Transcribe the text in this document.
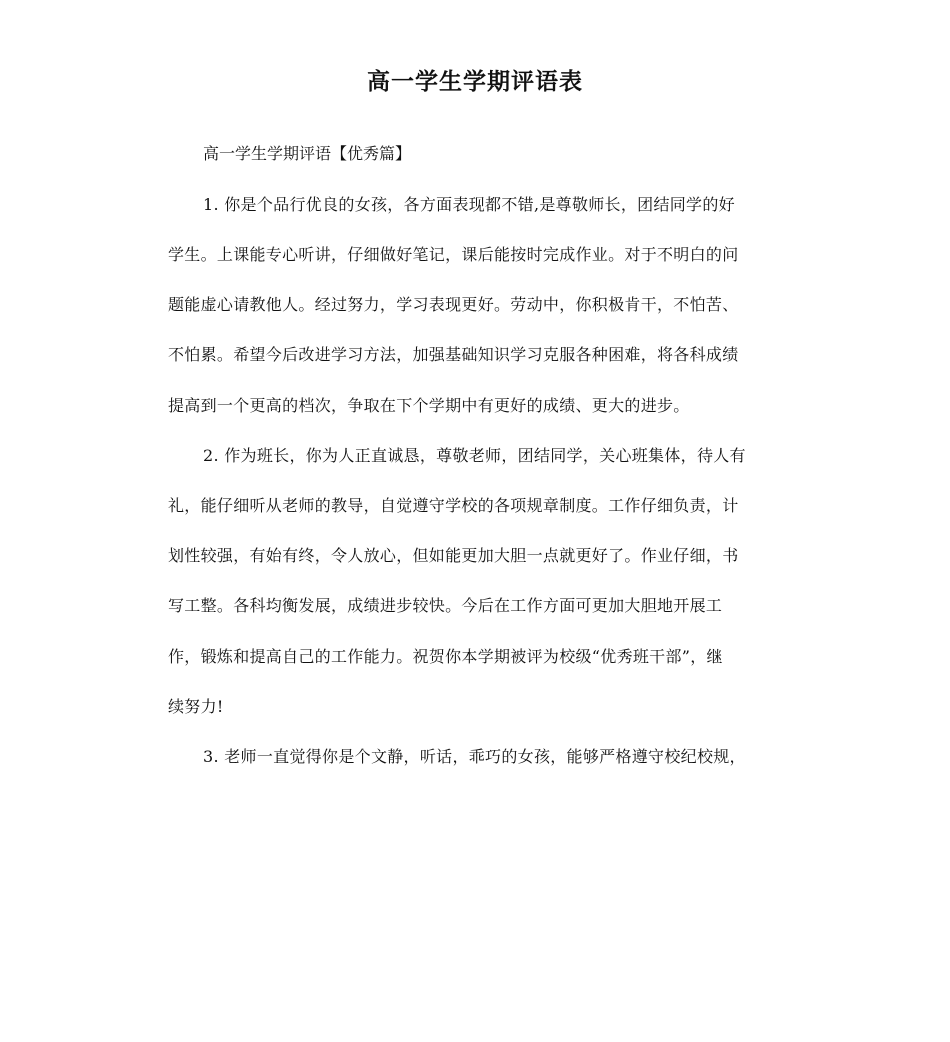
高一学生学期评语表

高一学生学期评语【优秀篇】

1. 你是个品行优良的女孩，各方面表现都不错,是尊敬师长，团结同学的好

学生。上课能专心听讲，仔细做好笔记，课后能按时完成作业。对于不明白的问

题能虚心请教他人。经过努力，学习表现更好。劳动中，你积极肯干，不怕苦、

不怕累。希望今后改进学习方法，加强基础知识学习克服各种困难，将各科成绩

提高到一个更高的档次，争取在下个学期中有更好的成绩、更大的进步。

2. 作为班长，你为人正直诚恳，尊敬老师，团结同学，关心班集体，待人有

礼，能仔细听从老师的教导，自觉遵守学校的各项规章制度。工作仔细负责，计

划性较强，有始有终，令人放心，但如能更加大胆一点就更好了。作业仔细，书

写工整。各科均衡发展，成绩进步较快。今后在工作方面可更加大胆地开展工

作，锻炼和提高自己的工作能力。祝贺你本学期被评为校级“优秀班干部”，继

续努力!

3. 老师一直觉得你是个文静，听话，乖巧的女孩，能够严格遵守校纪校规，
